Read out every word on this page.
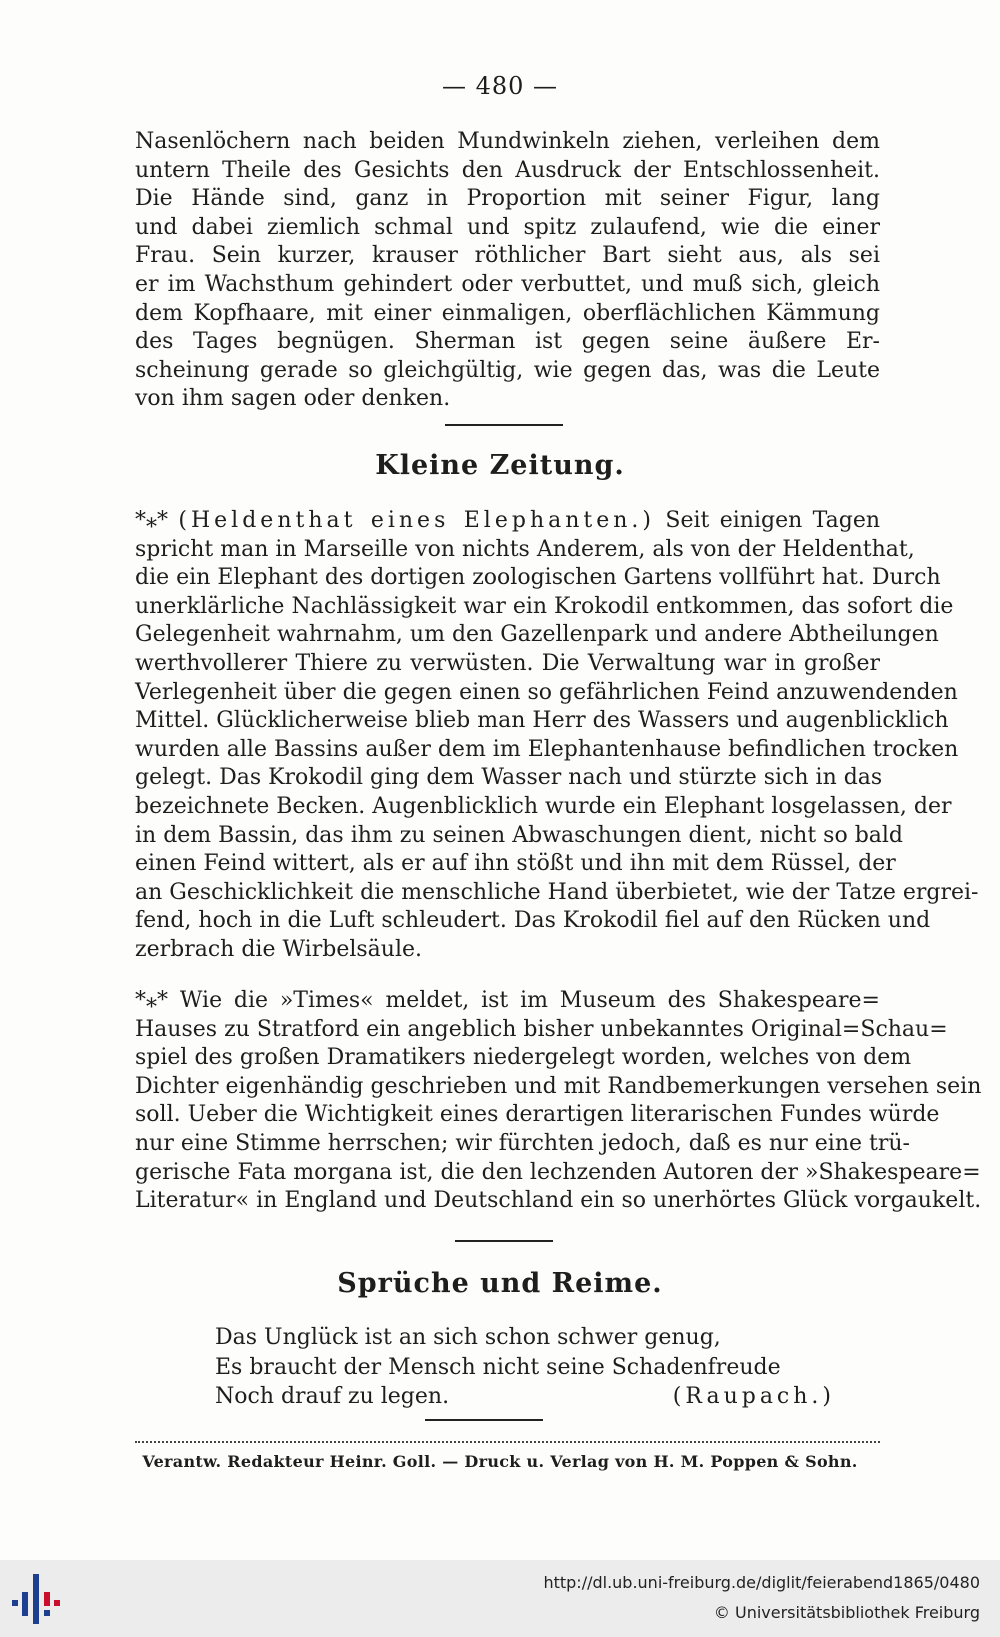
— 480 —
Nasenlöchern nach beiden Mundwinkeln ziehen, verleihen dem
untern Theile des Gesichts den Ausdruck der Entschlossenheit.
Die Hände sind, ganz in Proportion mit seiner Figur, lang
und dabei ziemlich schmal und spitz zulaufend, wie die einer
Frau. Sein kurzer, krauser röthlicher Bart sieht aus, als sei
er im Wachsthum gehindert oder verbuttet, und muß sich, gleich
dem Kopfhaare, mit einer einmaligen, oberflächlichen Kämmung
des Tages begnügen. Sherman ist gegen seine äußere Er-
scheinung gerade so gleichgültig, wie gegen das, was die Leute
von ihm sagen oder denken.
Kleine Zeitung.
*⁎* (Heldenthat eines Elephanten.) Seit einigen Tagen
spricht man in Marseille von nichts Anderem, als von der Heldenthat,
die ein Elephant des dortigen zoologischen Gartens vollführt hat. Durch
unerklärliche Nachlässigkeit war ein Krokodil entkommen, das sofort die
Gelegenheit wahrnahm, um den Gazellenpark und andere Abtheilungen
werthvollerer Thiere zu verwüsten. Die Verwaltung war in großer
Verlegenheit über die gegen einen so gefährlichen Feind anzuwendenden
Mittel. Glücklicherweise blieb man Herr des Wassers und augenblicklich
wurden alle Bassins außer dem im Elephantenhause befindlichen trocken
gelegt. Das Krokodil ging dem Wasser nach und stürzte sich in das
bezeichnete Becken. Augenblicklich wurde ein Elephant losgelassen, der
in dem Bassin, das ihm zu seinen Abwaschungen dient, nicht so bald
einen Feind wittert, als er auf ihn stößt und ihn mit dem Rüssel, der
an Geschicklichkeit die menschliche Hand überbietet, wie der Tatze ergrei-
fend, hoch in die Luft schleudert. Das Krokodil fiel auf den Rücken und
zerbrach die Wirbelsäule.
*⁎* Wie die »Times« meldet, ist im Museum des Shakespeare=
Hauses zu Stratford ein angeblich bisher unbekanntes Original=Schau=
spiel des großen Dramatikers niedergelegt worden, welches von dem
Dichter eigenhändig geschrieben und mit Randbemerkungen versehen sein
soll. Ueber die Wichtigkeit eines derartigen literarischen Fundes würde
nur eine Stimme herrschen; wir fürchten jedoch, daß es nur eine trü-
gerische Fata morgana ist, die den lechzenden Autoren der »Shakespeare=
Literatur« in England und Deutschland ein so unerhörtes Glück vorgaukelt.
Sprüche und Reime.
Das Unglück ist an sich schon schwer genug,
Es braucht der Mensch nicht seine Schadenfreude
Noch drauf zu legen.	(Raupach.)
Verantw. Redakteur Heinr. Goll. — Druck u. Verlag von H. M. Poppen & Sohn.
http://dl.ub.uni-freiburg.de/diglit/feierabend1865/0480
© Universitätsbibliothek Freiburg
